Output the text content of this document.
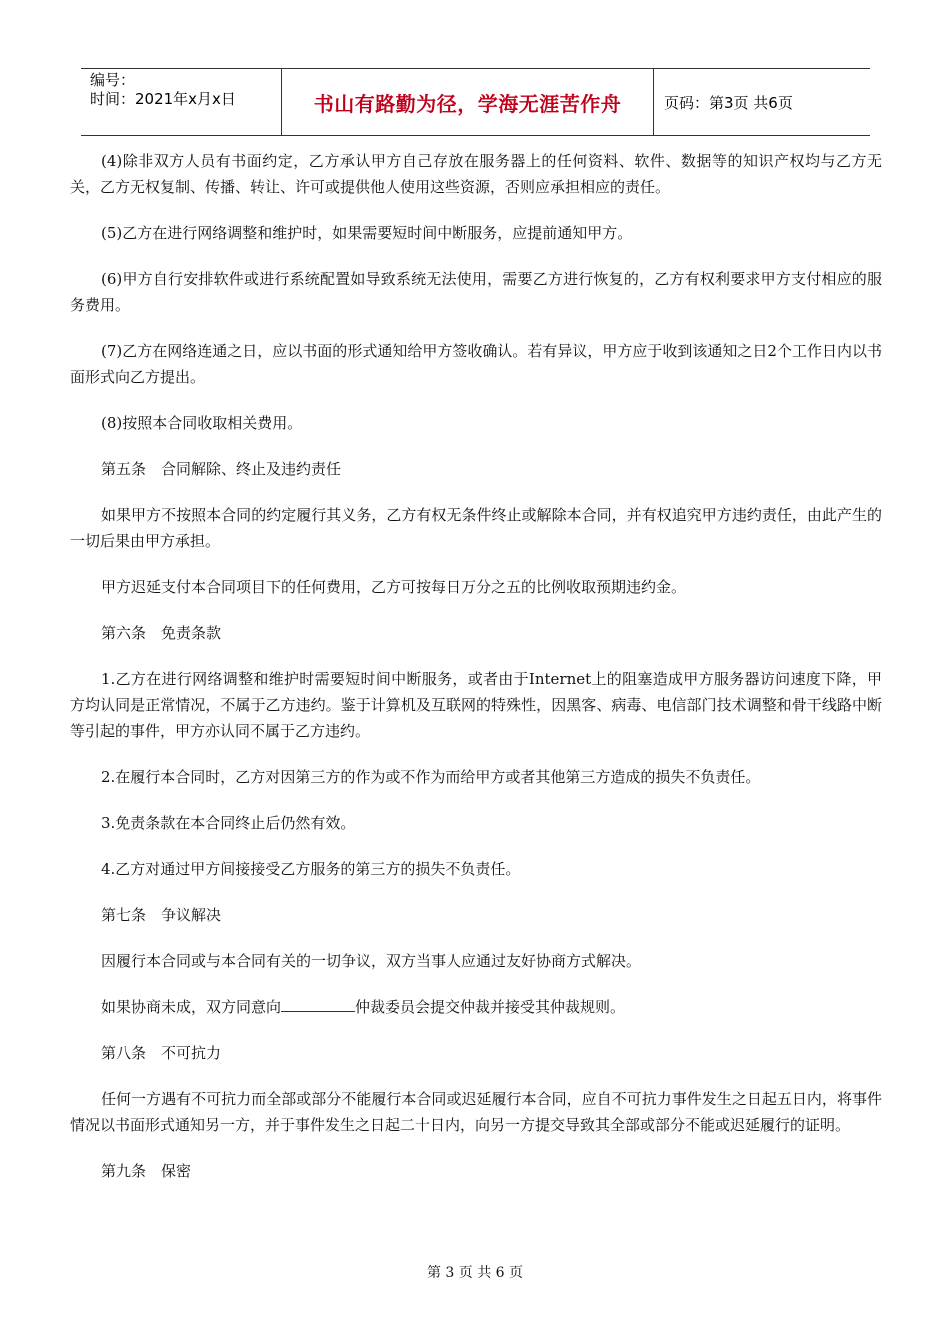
编号：
时间：2021年x月x日	书山有路勤为径，学海无涯苦作舟	页码：第3页 共6页

(4)除非双方人员有书面约定，乙方承认甲方自己存放在服务器上的任何资料、软件、数据等的知识产权均与乙方无关，乙方无权复制、传播、转让、许可或提供他人使用这些资源，否则应承担相应的责任。

(5)乙方在进行网络调整和维护时，如果需要短时间中断服务，应提前通知甲方。

(6)甲方自行安排软件或进行系统配置如导致系统无法使用，需要乙方进行恢复的，乙方有权利要求甲方支付相应的服务费用。

(7)乙方在网络连通之日，应以书面的形式通知给甲方签收确认。若有异议，甲方应于收到该通知之日2个工作日内以书面形式向乙方提出。

(8)按照本合同收取相关费用。

第五条　合同解除、终止及违约责任

如果甲方不按照本合同的约定履行其义务，乙方有权无条件终止或解除本合同，并有权追究甲方违约责任，由此产生的一切后果由甲方承担。

甲方迟延支付本合同项目下的任何费用，乙方可按每日万分之五的比例收取预期违约金。

第六条　免责条款

1.乙方在进行网络调整和维护时需要短时间中断服务，或者由于Internet上的阻塞造成甲方服务器访问速度下降，甲方均认同是正常情况，不属于乙方违约。鉴于计算机及互联网的特殊性，因黑客、病毒、电信部门技术调整和骨干线路中断等引起的事件，甲方亦认同不属于乙方违约。

2.在履行本合同时，乙方对因第三方的作为或不作为而给甲方或者其他第三方造成的损失不负责任。

3.免责条款在本合同终止后仍然有效。

4.乙方对通过甲方间接接受乙方服务的第三方的损失不负责任。

第七条　争议解决

因履行本合同或与本合同有关的一切争议，双方当事人应通过友好协商方式解决。

如果协商未成，双方同意向	仲裁委员会提交仲裁并接受其仲裁规则。

第八条　不可抗力

任何一方遇有不可抗力而全部或部分不能履行本合同或迟延履行本合同，应自不可抗力事件发生之日起五日内，将事件情况以书面形式通知另一方，并于事件发生之日起二十日内，向另一方提交导致其全部或部分不能或迟延履行的证明。

第九条　保密

第 3 页 共 6 页
